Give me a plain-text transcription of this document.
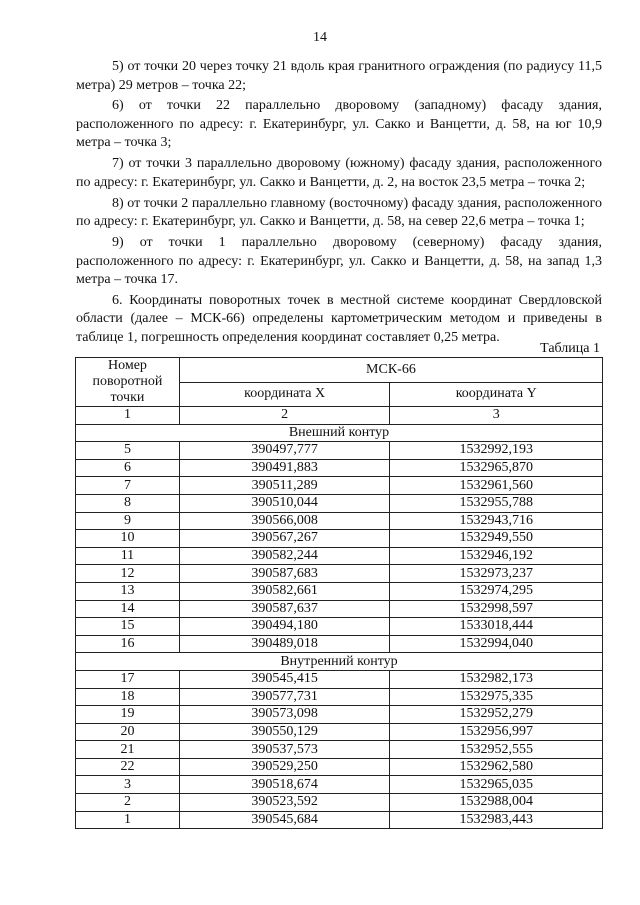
14

5) от точки 20 через точку 21 вдоль края гранитного ограждения (по радиусу 11,5 метра) 29 метров – точка 22;

6) от точки 22 параллельно дворовому (западному) фасаду здания, расположенного по адресу: г. Екатеринбург, ул. Сакко и Ванцетти, д. 58, на юг 10,9 метра – точка 3;

7) от точки 3 параллельно дворовому (южному) фасаду здания, расположенного по адресу: г. Екатеринбург, ул. Сакко и Ванцетти, д. 2, на восток 23,5 метра – точка 2;

8) от точки 2 параллельно главному (восточному) фасаду здания, расположенного по адресу: г. Екатеринбург, ул. Сакко и Ванцетти, д. 58, на север 22,6 метра – точка 1;

9) от точки 1 параллельно дворовому (северному) фасаду здания, расположенного по адресу: г. Екатеринбург, ул. Сакко и Ванцетти, д. 58, на запад 1,3 метра – точка 17.

6. Координаты поворотных точек в местной системе координат Свердловской области (далее – МСК-66) определены картометрическим методом и приведены в таблице 1, погрешность определения координат составляет 0,25 метра.

Таблица 1
Номер поворотной точки	МСК-66	
	координата X	координата Y
1	2	3
Внешний контур		
5	390497,777	1532992,193
6	390491,883	1532965,870
7	390511,289	1532961,560
8	390510,044	1532955,788
9	390566,008	1532943,716
10	390567,267	1532949,550
11	390582,244	1532946,192
12	390587,683	1532973,237
13	390582,661	1532974,295
14	390587,637	1532998,597
15	390494,180	1533018,444
16	390489,018	1532994,040
Внутренний контур		
17	390545,415	1532982,173
18	390577,731	1532975,335
19	390573,098	1532952,279
20	390550,129	1532956,997
21	390537,573	1532952,555
22	390529,250	1532962,580
3	390518,674	1532965,035
2	390523,592	1532988,004
1	390545,684	1532983,443
